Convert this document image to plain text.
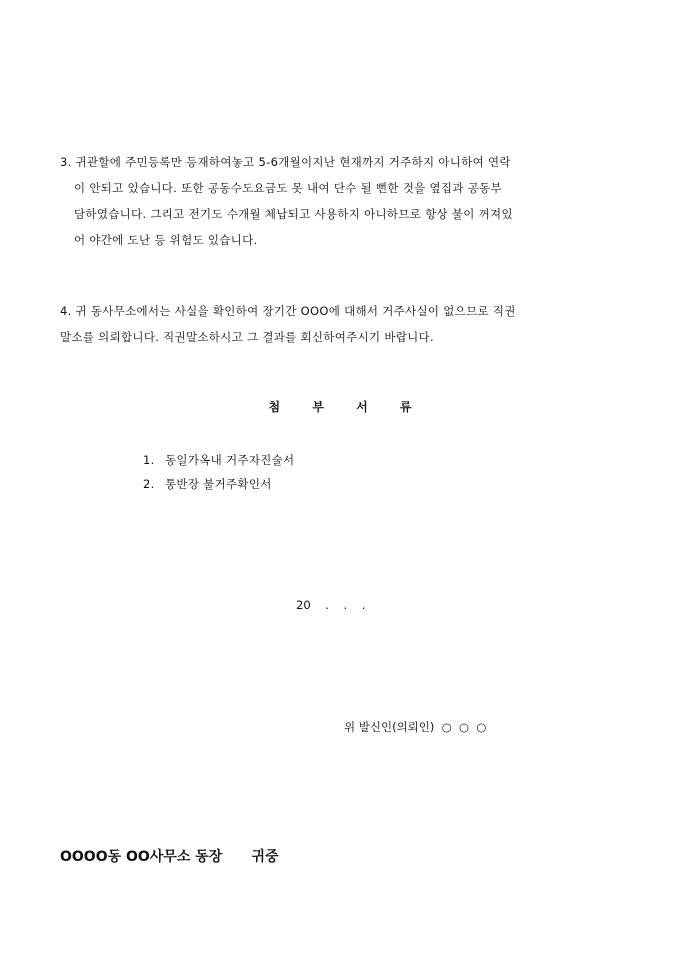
3. 귀관할에 주민등록만 등재하여놓고 5-6개월이지난 현재까지 거주하지 아니하여 연락
이 안되고 있습니다. 또한 공동수도요금도 못 내여 단수 될 뻔한 것을 옆집과 공동부
담하였습니다. 그리고 전기도 수개월 체납되고 사용하지 아니하므로 항상 불이 꺼져있
어 야간에 도난 등 위험도 있습니다.
4. 귀 동사무소에서는 사실을 확인하여 장기간 OOO에 대해서 거주사실이 없으므로 직권
말소를 의뢰합니다. 직권말소하시고 그 결과를 회신하여주시기 바랍니다.
첨 부 서 류
1. 동일가옥내 거주자진술서
2. 통반장 불거주확인서
20    .    .    .
위 발신인(의뢰인)  ○  ○  ○
OOOO동 OO사무소 동장      귀중
